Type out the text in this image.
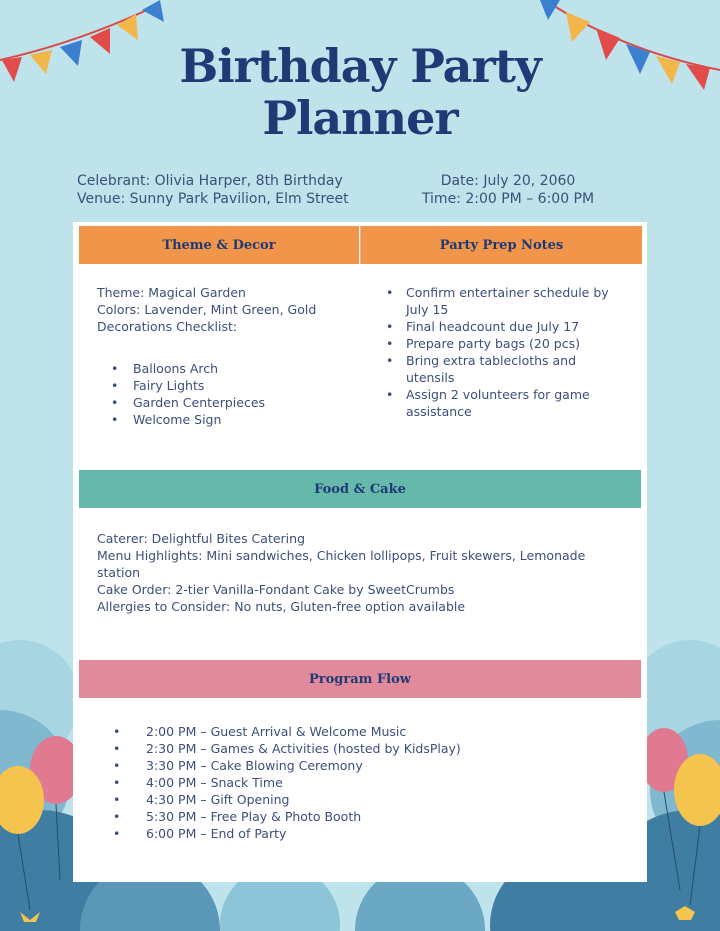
Birthday Party
Planner
Celebrant: Olivia Harper, 8th Birthday
Venue: Sunny Park Pavilion, Elm Street
Date: July 20, 2060
Time: 2:00 PM – 6:00 PM
Theme & Decor	Party Prep Notes

Theme: Magical Garden

Colors: Lavender, Mint Green, Gold

Decorations Checklist:

• Balloons Arch
• Fairy Lights
• Garden Centerpieces
• Welcome Sign
• Confirm entertainer schedule by July 15
• Final headcount due July 17
• Prepare party bags (20 pcs)
• Bring extra tablecloths and utensils
• Assign 2 volunteers for game assistance
Food & Cake

Caterer: Delightful Bites Catering

Menu Highlights: Mini sandwiches, Chicken lollipops, Fruit skewers, Lemonade station

Cake Order: 2-tier Vanilla-Fondant Cake by SweetCrumbs

Allergies to Consider: No nuts, Gluten-free option available

Program Flow
• 2:00 PM – Guest Arrival & Welcome Music
• 2:30 PM – Games & Activities (hosted by KidsPlay)
• 3:30 PM – Cake Blowing Ceremony
• 4:00 PM – Snack Time
• 4:30 PM – Gift Opening
• 5:30 PM – Free Play & Photo Booth
• 6:00 PM – End of Party
